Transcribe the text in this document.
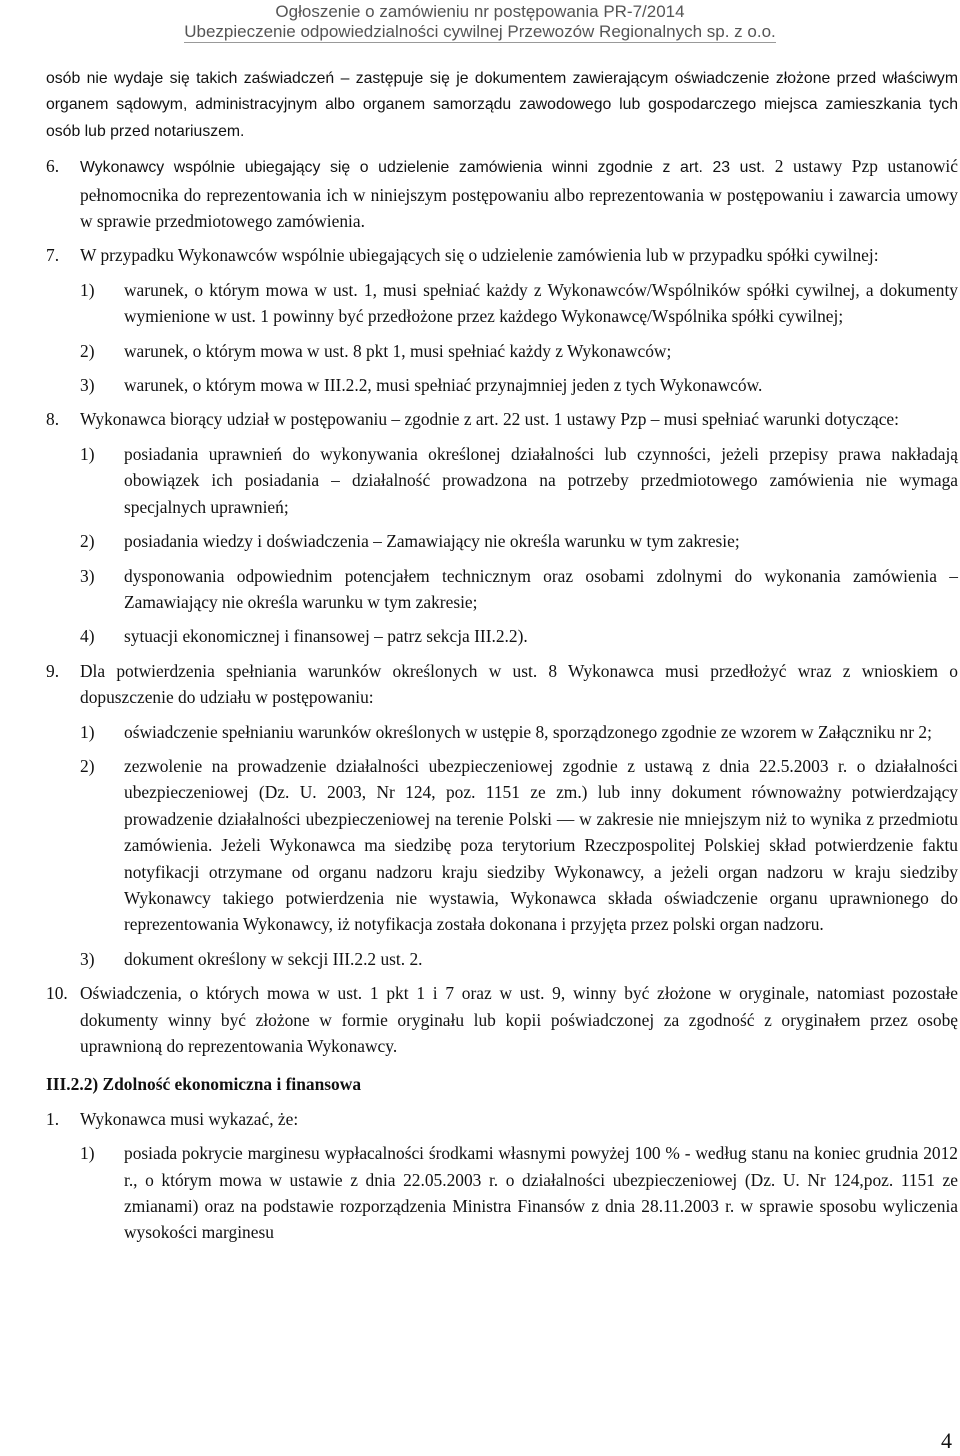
Ogłoszenie o zamówieniu nr postępowania PR-7/2014
Ubezpieczenie odpowiedzialności cywilnej Przewozów Regionalnych sp. z o.o.

osób nie wydaje się takich zaświadczeń – zastępuje się je dokumentem zawierającym oświadczenie złożone przed właściwym organem sądowym, administracyjnym albo organem samorządu zawodowego lub gospodarczego miejsca zamieszkania tych osób lub przed notariuszem.

6. Wykonawcy wspólnie ubiegający się o udzielenie zamówienia winni zgodnie z art. 23 ust. 2 ustawy Pzp ustanowić pełnomocnika do reprezentowania ich w niniejszym postępowaniu albo reprezentowania w postępowaniu i zawarcia umowy w sprawie przedmiotowego zamówienia.
7. W przypadku Wykonawców wspólnie ubiegających się o udzielenie zamówienia lub w przypadku spółki cywilnej:
1) warunek, o którym mowa w ust. 1, musi spełniać każdy z Wykonawców/Wspólników spółki cywilnej, a dokumenty wymienione w ust. 1 powinny być przedłożone przez każdego Wykonawcę/Wspólnika spółki cywilnej;
2) warunek, o którym mowa w ust. 8 pkt 1, musi spełniać każdy z Wykonawców;
3) warunek, o którym mowa w III.2.2, musi spełniać przynajmniej jeden z tych Wykonawców.
8. Wykonawca biorący udział w postępowaniu – zgodnie z art. 22 ust. 1 ustawy Pzp – musi spełniać warunki dotyczące:
1) posiadania uprawnień do wykonywania określonej działalności lub czynności, jeżeli przepisy prawa nakładają obowiązek ich posiadania – działalność prowadzona na potrzeby przedmiotowego zamówienia nie wymaga specjalnych uprawnień;
2) posiadania wiedzy i doświadczenia – Zamawiający nie określa warunku w tym zakresie;
3) dysponowania odpowiednim potencjałem technicznym oraz osobami zdolnymi do wykonania zamówienia – Zamawiający nie określa warunku w tym zakresie;
4) sytuacji ekonomicznej i finansowej – patrz sekcja III.2.2).
9. Dla potwierdzenia spełniania warunków określonych w ust. 8 Wykonawca musi przedłożyć wraz z wnioskiem o dopuszczenie do udziału w postępowaniu:
1) oświadczenie spełnianiu warunków określonych w ustępie 8, sporządzonego zgodnie ze wzorem w Załączniku nr 2;
2) zezwolenie na prowadzenie działalności ubezpieczeniowej zgodnie z ustawą z dnia 22.5.2003 r. o działalności ubezpieczeniowej (Dz. U. 2003, Nr 124, poz. 1151 ze zm.) lub inny dokument równoważny potwierdzający prowadzenie działalności ubezpieczeniowej na terenie Polski — w zakresie nie mniejszym niż to wynika z przedmiotu zamówienia. Jeżeli Wykonawca ma siedzibę poza terytorium Rzeczpospolitej Polskiej skład potwierdzenie faktu notyfikacji otrzymane od organu nadzoru kraju siedziby Wykonawcy, a jeżeli organ nadzoru w kraju siedziby Wykonawcy takiego potwierdzenia nie wystawia, Wykonawca składa oświadczenie organu uprawnionego do reprezentowania Wykonawcy, iż notyfikacja została dokonana i przyjęta przez polski organ nadzoru.
3) dokument określony w sekcji III.2.2 ust. 2.
10. Oświadczenia, o których mowa w ust. 1 pkt 1 i 7 oraz w ust. 9, winny być złożone w oryginale, natomiast pozostałe dokumenty winny być złożone w formie oryginału lub kopii poświadczonej za zgodność z oryginałem przez osobę uprawnioną do reprezentowania Wykonawcy.
III.2.2) Zdolność ekonomiczna i finansowa
1. Wykonawca musi wykazać, że:
1) posiada pokrycie marginesu wypłacalności środkami własnymi powyżej 100 % - według stanu na koniec grudnia 2012 r., o którym mowa w ustawie z dnia 22.05.2003 r. o działalności ubezpieczeniowej (Dz. U. Nr 124,poz. 1151 ze zmianami) oraz na podstawie rozporządzenia Ministra Finansów z dnia 28.11.2003 r. w sprawie sposobu wyliczenia wysokości marginesu
4
